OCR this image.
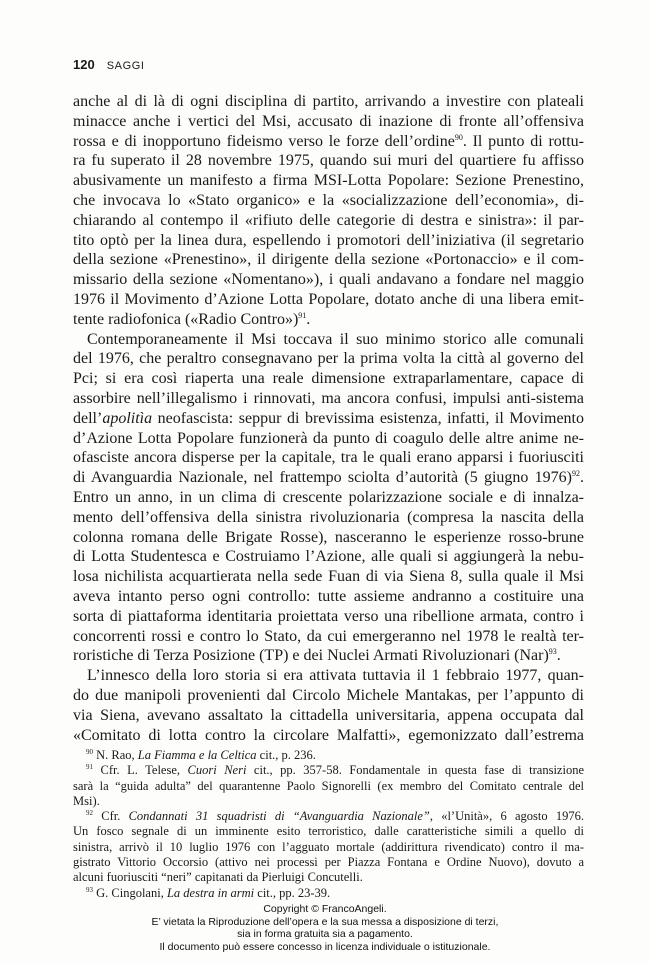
120 SAGGI
anche al di là di ogni disciplina di partito, arrivando a investire con plateali
minacce anche i vertici del Msi, accusato di inazione di fronte all’offensiva
rossa e di inopportuno fideismo verso le forze dell’ordine$^{90}$. Il punto di rottu-
ra fu superato il 28 novembre 1975, quando sui muri del quartiere fu affisso
abusivamente un manifesto a firma MSI-Lotta Popolare: Sezione Prenestino,
che invocava lo «Stato organico» e la «socializzazione dell’economia», di-
chiarando al contempo il «rifiuto delle categorie di destra e sinistra»: il par-
tito optò per la linea dura, espellendo i promotori dell’iniziativa (il segretario
della sezione «Prenestino», il dirigente della sezione «Portonaccio» e il com-
missario della sezione «Nomentano»), i quali andavano a fondare nel maggio
1976 il Movimento d’Azione Lotta Popolare, dotato anche di una libera emit-
tente radiofonica («Radio Contro»)$^{91}$.
Contemporaneamente il Msi toccava il suo minimo storico alle comunali
del 1976, che peraltro consegnavano per la prima volta la città al governo del
Pci; si era così riaperta una reale dimensione extraparlamentare, capace di
assorbire nell’illegalismo i rinnovati, ma ancora confusi, impulsi anti-sistema
dell’apolitìa neofascista: seppur di brevissima esistenza, infatti, il Movimento
d’Azione Lotta Popolare funzionerà da punto di coagulo delle altre anime ne-
ofasciste ancora disperse per la capitale, tra le quali erano apparsi i fuoriusciti
di Avanguardia Nazionale, nel frattempo sciolta d’autorità (5 giugno 1976)$^{92}$.
Entro un anno, in un clima di crescente polarizzazione sociale e di innalza-
mento dell’offensiva della sinistra rivoluzionaria (compresa la nascita della
colonna romana delle Brigate Rosse), nasceranno le esperienze rosso-brune
di Lotta Studentesca e Costruiamo l’Azione, alle quali si aggiungerà la nebu-
losa nichilista acquartierata nella sede Fuan di via Siena 8, sulla quale il Msi
aveva intanto perso ogni controllo: tutte assieme andranno a costituire una
sorta di piattaforma identitaria proiettata verso una ribellione armata, contro i
concorrenti rossi e contro lo Stato, da cui emergeranno nel 1978 le realtà ter-
roristiche di Terza Posizione (TP) e dei Nuclei Armati Rivoluzionari (Nar)$^{93}$.
L’innesco della loro storia si era attivata tuttavia il 1 febbraio 1977, quan-
do due manipoli provenienti dal Circolo Michele Mantakas, per l’appunto di
via Siena, avevano assaltato la cittadella universitaria, appena occupata dal
«Comitato di lotta contro la circolare Malfatti», egemonizzato dall’estrema
$^{90}$ N. Rao, La Fiamma e la Celtica cit., p. 236.
$^{91}$ Cfr. L. Telese, Cuori Neri cit., pp. 357-58. Fondamentale in questa fase di transizione
sarà la “guida adulta” del quarantenne Paolo Signorelli (ex membro del Comitato centrale del
Msi).
$^{92}$ Cfr. Condannati 31 squadristi di “Avanguardia Nazionale”, «l’Unità», 6 agosto 1976.
Un fosco segnale di un imminente esito terroristico, dalle caratteristiche simili a quello di
sinistra, arrivò il 10 luglio 1976 con l’agguato mortale (addirittura rivendicato) contro il ma-
gistrato Vittorio Occorsio (attivo nei processi per Piazza Fontana e Ordine Nuovo), dovuto a
alcuni fuoriusciti “neri” capitanati da Pierluigi Concutelli.
$^{93}$ G. Cingolani, La destra in armi cit., pp. 23-39.
Copyright © FrancoAngeli.
E’ vietata la Riproduzione dell’opera e la sua messa a disposizione di terzi,
sia in forma gratuita sia a pagamento.
Il documento può essere concesso in licenza individuale o istituzionale.
